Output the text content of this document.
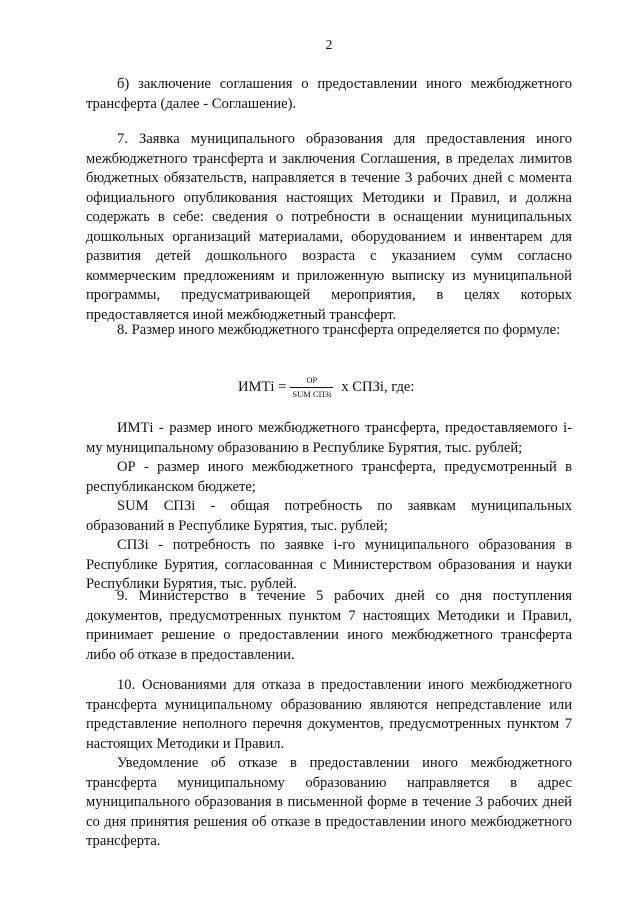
2

б) заключение соглашения о предоставлении иного межбюджетного трансферта (далее - Соглашение).

7. Заявка муниципального образования для предоставления иного межбюджетного трансферта и заключения Соглашения, в пределах лимитов бюджетных обязательств, направляется в течение 3 рабочих дней с момента официального опубликования настоящих Методики и Правил, и должна содержать в себе: сведения о потребности в оснащении муниципальных дошкольных организаций материалами, оборудованием и инвентарем для развития детей дошкольного возраста с указанием сумм согласно коммерческим предложениям и приложенную выписку из муниципальной программы, предусматривающей мероприятия, в целях которых предоставляется иной межбюджетный трансферт.

8. Размер иного межбюджетного трансферта определяется по формуле:

ИМТi = $\frac{ОР}{\text{SUM СПЗi}}$ x СПЗi, где:

ИМТi - размер иного межбюджетного трансферта, предоставляемого i-му муниципальному образованию в Республике Бурятия, тыс. рублей;

ОР - размер иного межбюджетного трансферта, предусмотренный в республиканском бюджете;

SUM СПЗi - общая потребность по заявкам муниципальных образований в Республике Бурятия, тыс. рублей;

СПЗi - потребность по заявке i-го муниципального образования в Республике Бурятия, согласованная с Министерством образования и науки Республики Бурятия, тыс. рублей.

9. Министерство в течение 5 рабочих дней со дня поступления документов, предусмотренных пунктом 7 настоящих Методики и Правил, принимает решение о предоставлении иного межбюджетного трансферта либо об отказе в предоставлении.

10. Основаниями для отказа в предоставлении иного межбюджетного трансферта муниципальному образованию являются непредставление или представление неполного перечня документов, предусмотренных пунктом 7 настоящих Методики и Правил.

Уведомление об отказе в предоставлении иного межбюджетного трансферта муниципальному образованию направляется в адрес муниципального образования в письменной форме в течение 3 рабочих дней со дня принятия решения об отказе в предоставлении иного межбюджетного трансферта.
